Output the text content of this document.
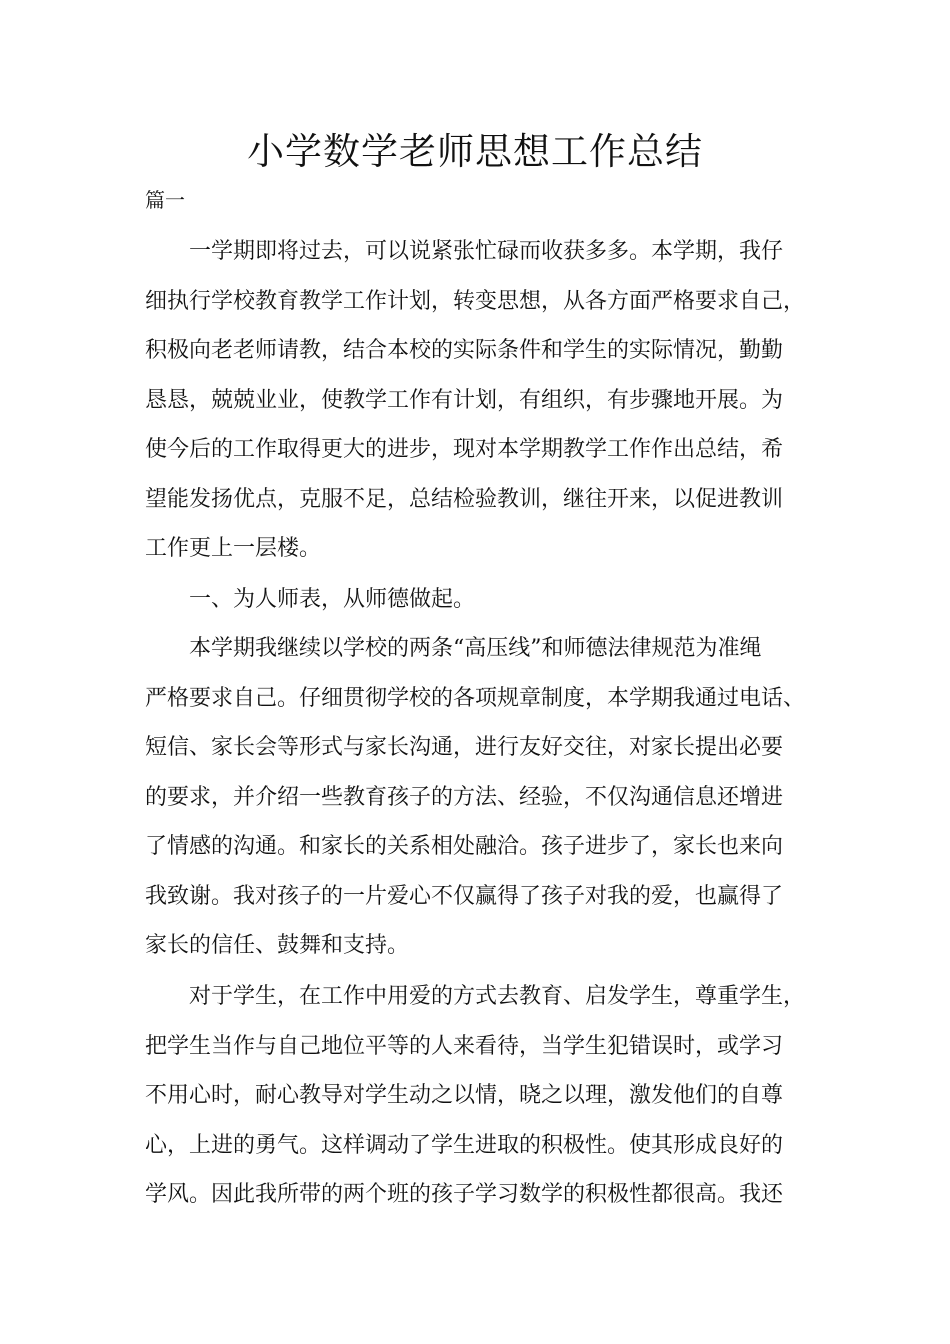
小学数学老师思想工作总结

篇一

一学期即将过去，可以说紧张忙碌而收获多多。本学期，我仔
细执行学校教育教学工作计划，转变思想，从各方面严格要求自己，
积极向老老师请教，结合本校的实际条件和学生的实际情况，勤勤
恳恳，兢兢业业，使教学工作有计划，有组织，有步骤地开展。为
使今后的工作取得更大的进步，现对本学期教学工作作出总结，希
望能发扬优点，克服不足，总结检验教训，继往开来，以促进教训
工作更上一层楼。
一、为人师表，从师德做起。
本学期我继续以学校的两条“高压线”和师德法律规范为准绳
严格要求自己。仔细贯彻学校的各项规章制度，本学期我通过电话、
短信、家长会等形式与家长沟通，进行友好交往，对家长提出必要
的要求，并介绍一些教育孩子的方法、经验，不仅沟通信息还增进
了情感的沟通。和家长的关系相处融洽。孩子进步了，家长也来向
我致谢。我对孩子的一片爱心不仅赢得了孩子对我的爱，也赢得了
家长的信任、鼓舞和支持。
对于学生，在工作中用爱的方式去教育、启发学生，尊重学生，
把学生当作与自己地位平等的人来看待，当学生犯错误时，或学习
不用心时，耐心教导对学生动之以情，晓之以理，激发他们的自尊
心，上进的勇气。这样调动了学生进取的积极性。使其形成良好的
学风。因此我所带的两个班的孩子学习数学的积极性都很高。我还
